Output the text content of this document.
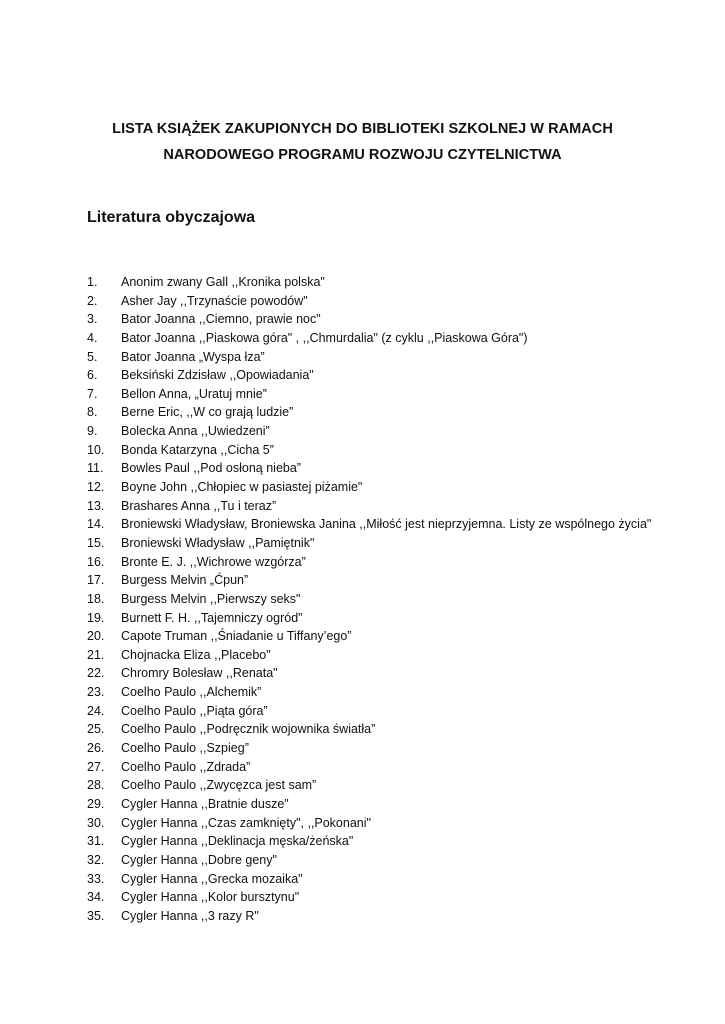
LISTA KSIĄŻEK ZAKUPIONYCH DO BIBLIOTEKI SZKOLNEJ W RAMACH
NARODOWEGO PROGRAMU ROZWOJU CZYTELNICTWA
Literatura obyczajowa
1. Anonim zwany Gall ,,Kronika polska"
2. Asher Jay ,,Trzynaście powodów"
3. Bator Joanna ,,Ciemno, prawie noc"
4. Bator Joanna ,,Piaskowa góra" , ,,Chmurdalia" (z cyklu ,,Piaskowa Góra")
5. Bator Joanna „Wyspa łza”
6. Beksiński Zdzisław ,,Opowiadania"
7. Bellon Anna, „Uratuj mnie”
8. Berne Eric, ,,W co grają ludzie”
9. Bolecka Anna ,,Uwiedzeni”
10. Bonda Katarzyna ,,Cicha 5”
11. Bowles Paul ,,Pod osłoną nieba”
12. Boyne John ,,Chłopiec w pasiastej piżamie"
13. Brashares Anna ,,Tu i teraz”
14. Broniewski Władysław, Broniewska Janina ,,Miłość jest nieprzyjemna. Listy ze wspólnego życia"
15. Broniewski Władysław ,,Pamiętnik"
16. Bronte E. J. ,,Wichrowe wzgórza”
17. Burgess Melvin „Ćpun”
18. Burgess Melvin ,,Pierwszy seks"
19. Burnett F. H. ,,Tajemniczy ogród”
20. Capote Truman ,,Śniadanie u Tiffany’ego”
21. Chojnacka Eliza ,,Placebo"
22. Chromry Bolesław ,,Renata"
23. Coelho Paulo ,,Alchemik”
24. Coelho Paulo ,,Piąta góra”
25. Coelho Paulo ,,Podręcznik wojownika światła”
26. Coelho Paulo ,,Szpieg”
27. Coelho Paulo ,,Zdrada”
28. Coelho Paulo ,,Zwycęzca jest sam”
29. Cygler Hanna ,,Bratnie dusze"
30. Cygler Hanna ,,Czas zamknięty", ,,Pokonani"
31. Cygler Hanna ,,Deklinacja męska/żeńska"
32. Cygler Hanna ,,Dobre geny"
33. Cygler Hanna ,,Grecka mozaika"
34. Cygler Hanna ,,Kolor bursztynu"
35. Cygler Hanna ,,3 razy R"
